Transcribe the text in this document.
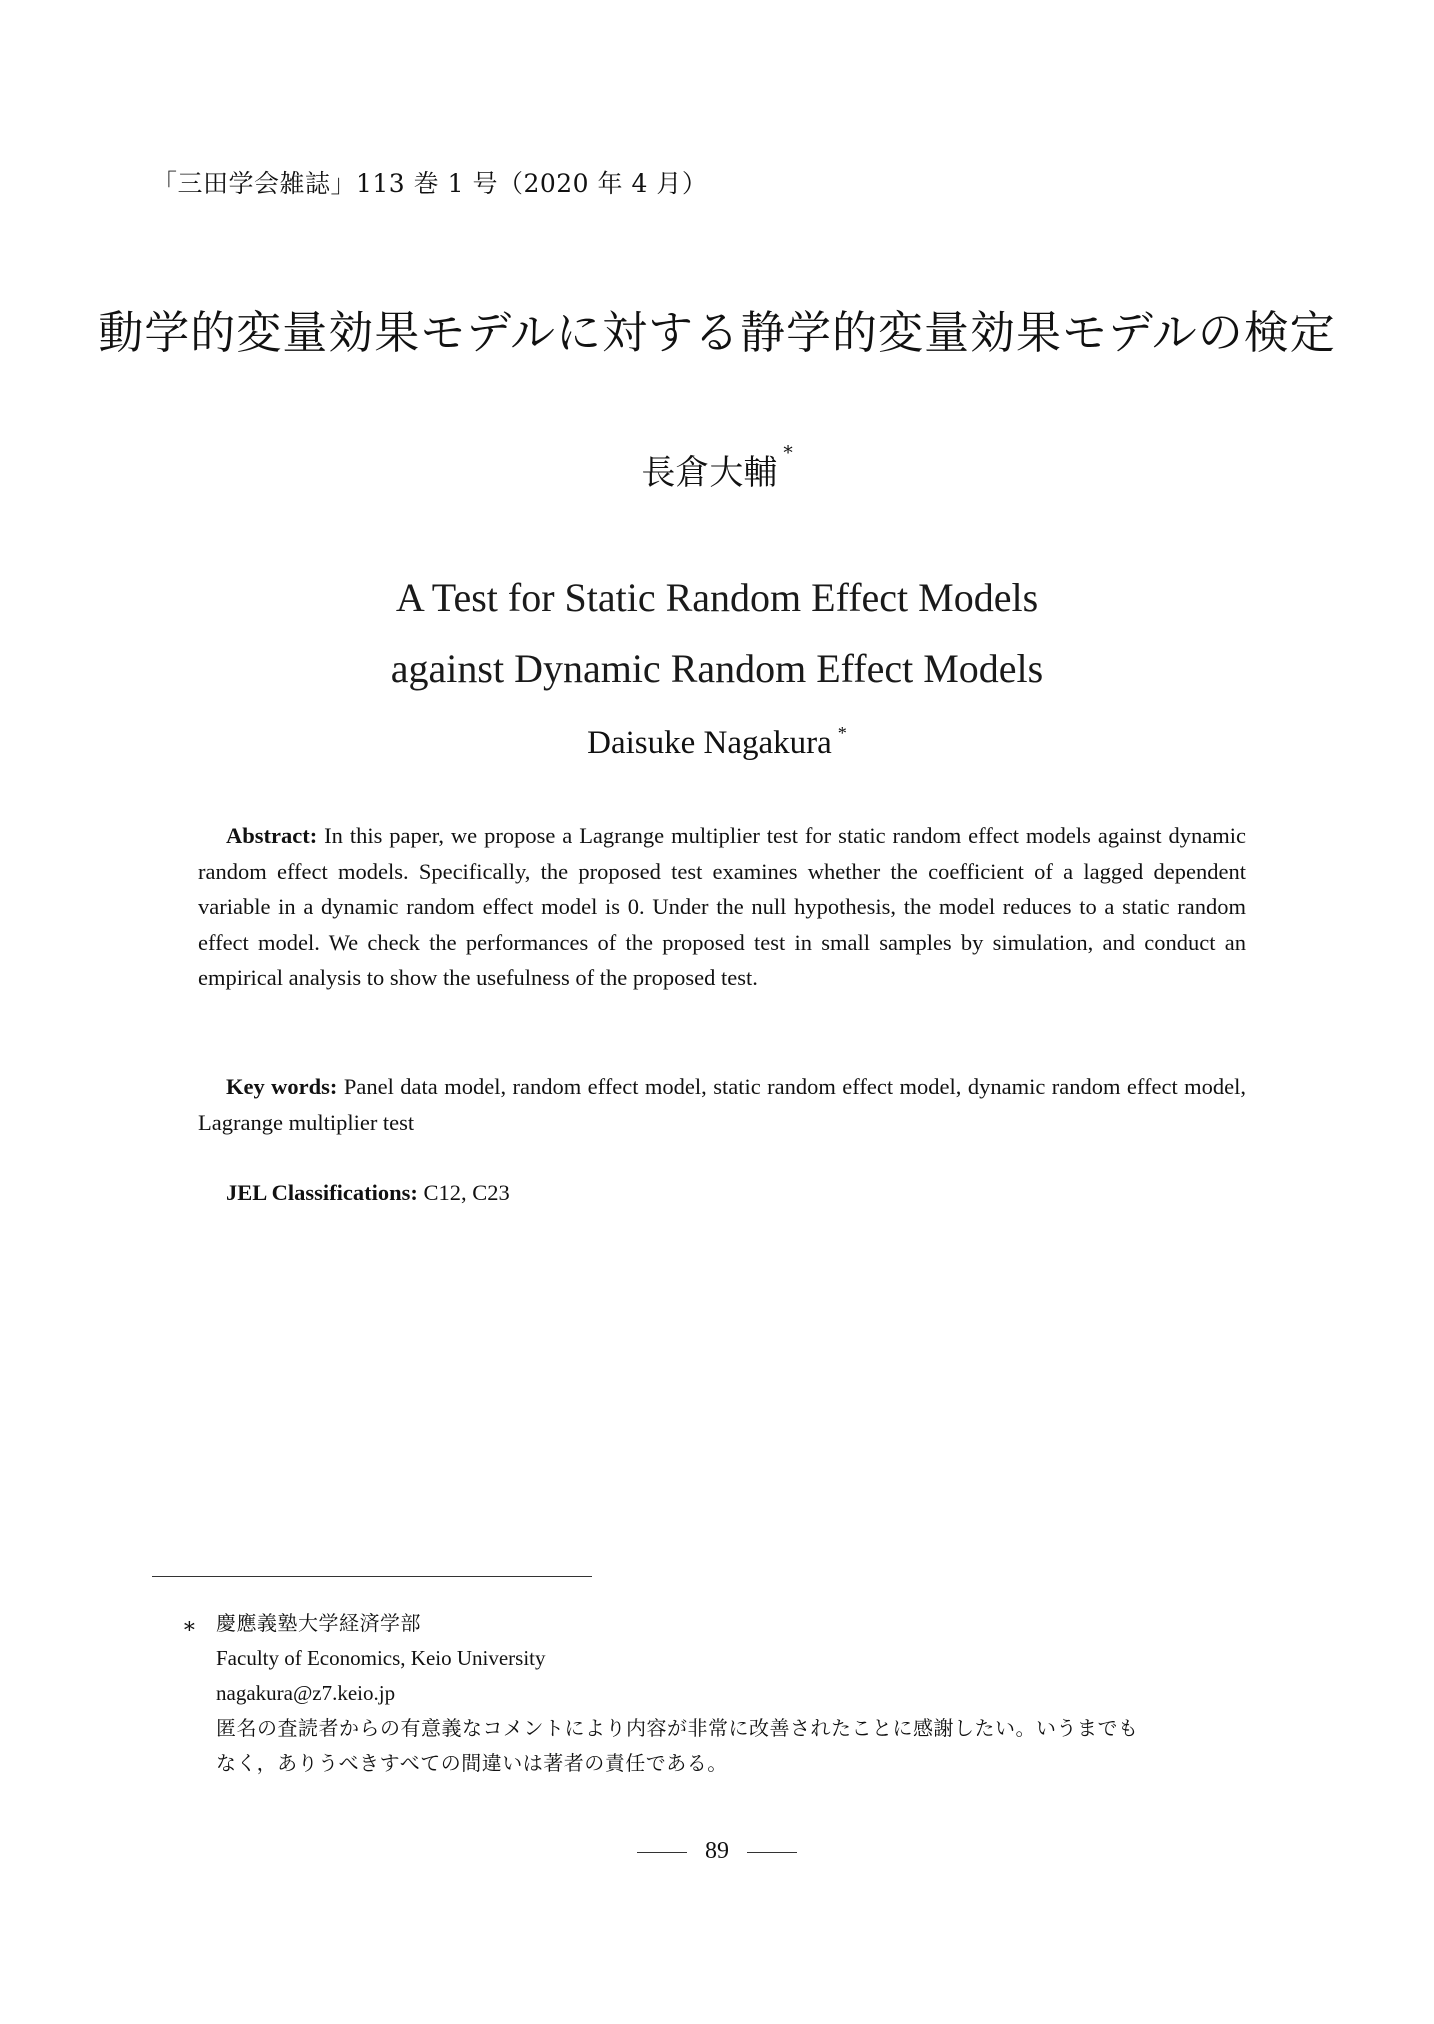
「三田学会雑誌」113 巻 1 号（2020 年 4 月）
動学的変量効果モデルに対する静学的変量効果モデルの検定
長倉大輔 *
A Test for Static Random Effect Models
against Dynamic Random Effect Models
Daisuke Nagakura *
Abstract: In this paper, we propose a Lagrange multiplier test for static random effect models against dynamic random effect models. Specifically, the proposed test examines whether the coefficient of a lagged dependent variable in a dynamic random effect model is 0. Under the null hypothesis, the model reduces to a static random effect model. We check the performances of the proposed test in small samples by simulation, and conduct an empirical analysis to show the usefulness of the proposed test.
Key words: Panel data model, random effect model, static random effect model, dynamic random effect model, Lagrange multiplier test
JEL Classifications: C12, C23
∗ 慶應義塾大学経済学部
Faculty of Economics, Keio University
nagakura@z7.keio.jp
匿名の査読者からの有意義なコメントにより内容が非常に改善されたことに感謝したい。いうまでも
なく，ありうべきすべての間違いは著者の責任である。
89
